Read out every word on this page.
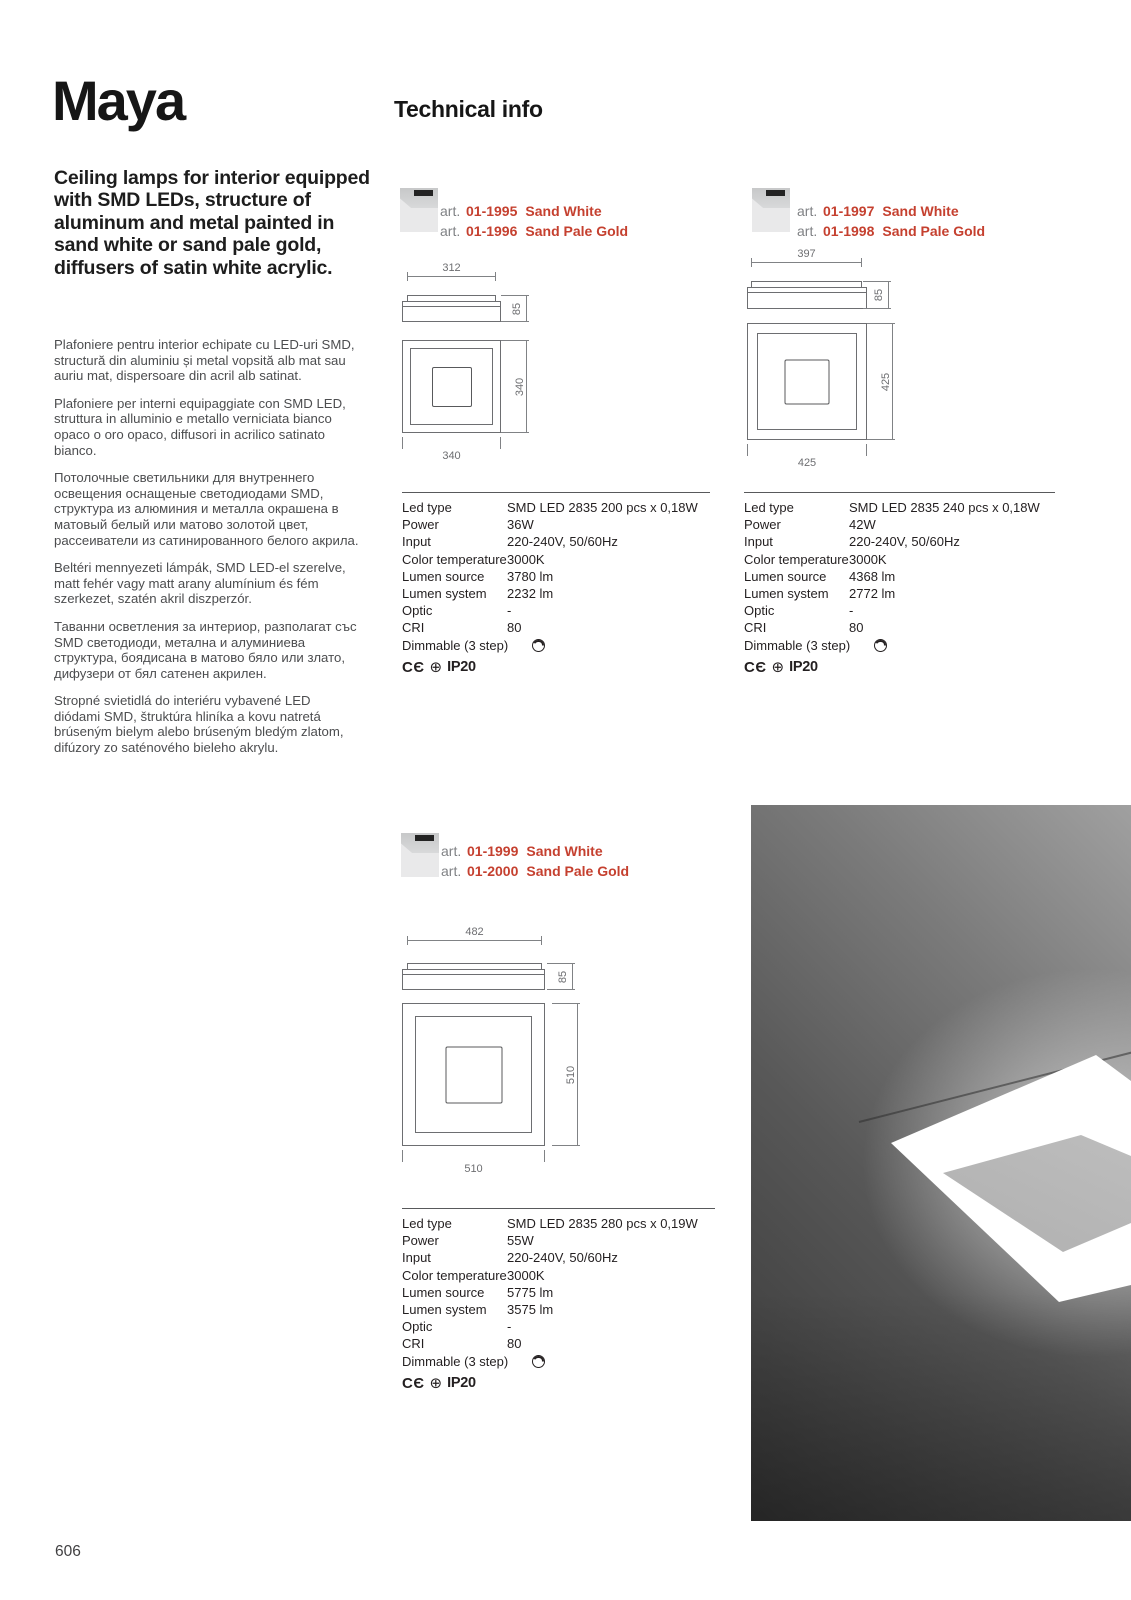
Maya	Technical info

Ceiling lamps for interior equipped with SMD LEDs, structure of aluminum and metal painted in sand white or sand pale gold, diffusers of satin white acrylic.

Plafoniere pentru interior echipate cu LED-uri SMD, structură din aluminiu și metal vopsită alb mat sau auriu mat, dispersoare din acril alb satinat.

Plafoniere per interni equipaggiate con SMD LED, struttura in alluminio e metallo verniciata bianco opaco o oro opaco, diffusori in acrilico satinato bianco.

Потолочные светильники для внутреннего освещения оснащеные светодиодами SMD, структура из алюминия и металла окрашена в матовый белый или матово золотой цвет, рассеиватели из сатинированного белого акрила.

Beltéri mennyezeti lámpák, SMD LED-el szerelve, matt fehér vagy matt arany alumínium és fém szerkezet, szatén akril diszperzór.

Таванни осветления за интериор, разполагат със SMD светодиоди, метална и алуминиева структура, боядисана в матово бяло или злато, дифузери от бял сатенен акрилен.

Stropné svietidlá do interiéru vybavené LED diódami SMD, štruktúra hliníka a kovu natretá brúseným bielym alebo brúseným bledým zlatom, difúzory zo saténového bieleho akrylu.

art. 01-1995 Sand White
art. 01-1996 Sand Pale Gold
312
85
340
340
Led type	SMD LED 2835 200 pcs x 0,18W
Power	36W
Input	220-240V, 50/60Hz
Color temperature 3000K
Lumen source	3780 lm
Lumen system	2232 lm
Optic	-
CRI	80
Dimmable (3 step)
CЄ ⊕ IP20
art. 01-1997 Sand White
art. 01-1998 Sand Pale Gold
397
85
425
425
Led type	SMD LED 2835 240 pcs x 0,18W
Power	42W
Input	220-240V, 50/60Hz
Color temperature 3000K
Lumen source	4368 lm
Lumen system	2772 lm
Optic	-
CRI	80
Dimmable (3 step)
CЄ ⊕ IP20
art. 01-1999 Sand White
art. 01-2000 Sand Pale Gold
482
85
510
510
Led type	SMD LED 2835 280 pcs x 0,19W
Power	55W
Input	220-240V, 50/60Hz
Color temperature 3000K
Lumen source	5775 lm
Lumen system	3575 lm
Optic	-
CRI	80
Dimmable (3 step)
CЄ ⊕ IP20
606
